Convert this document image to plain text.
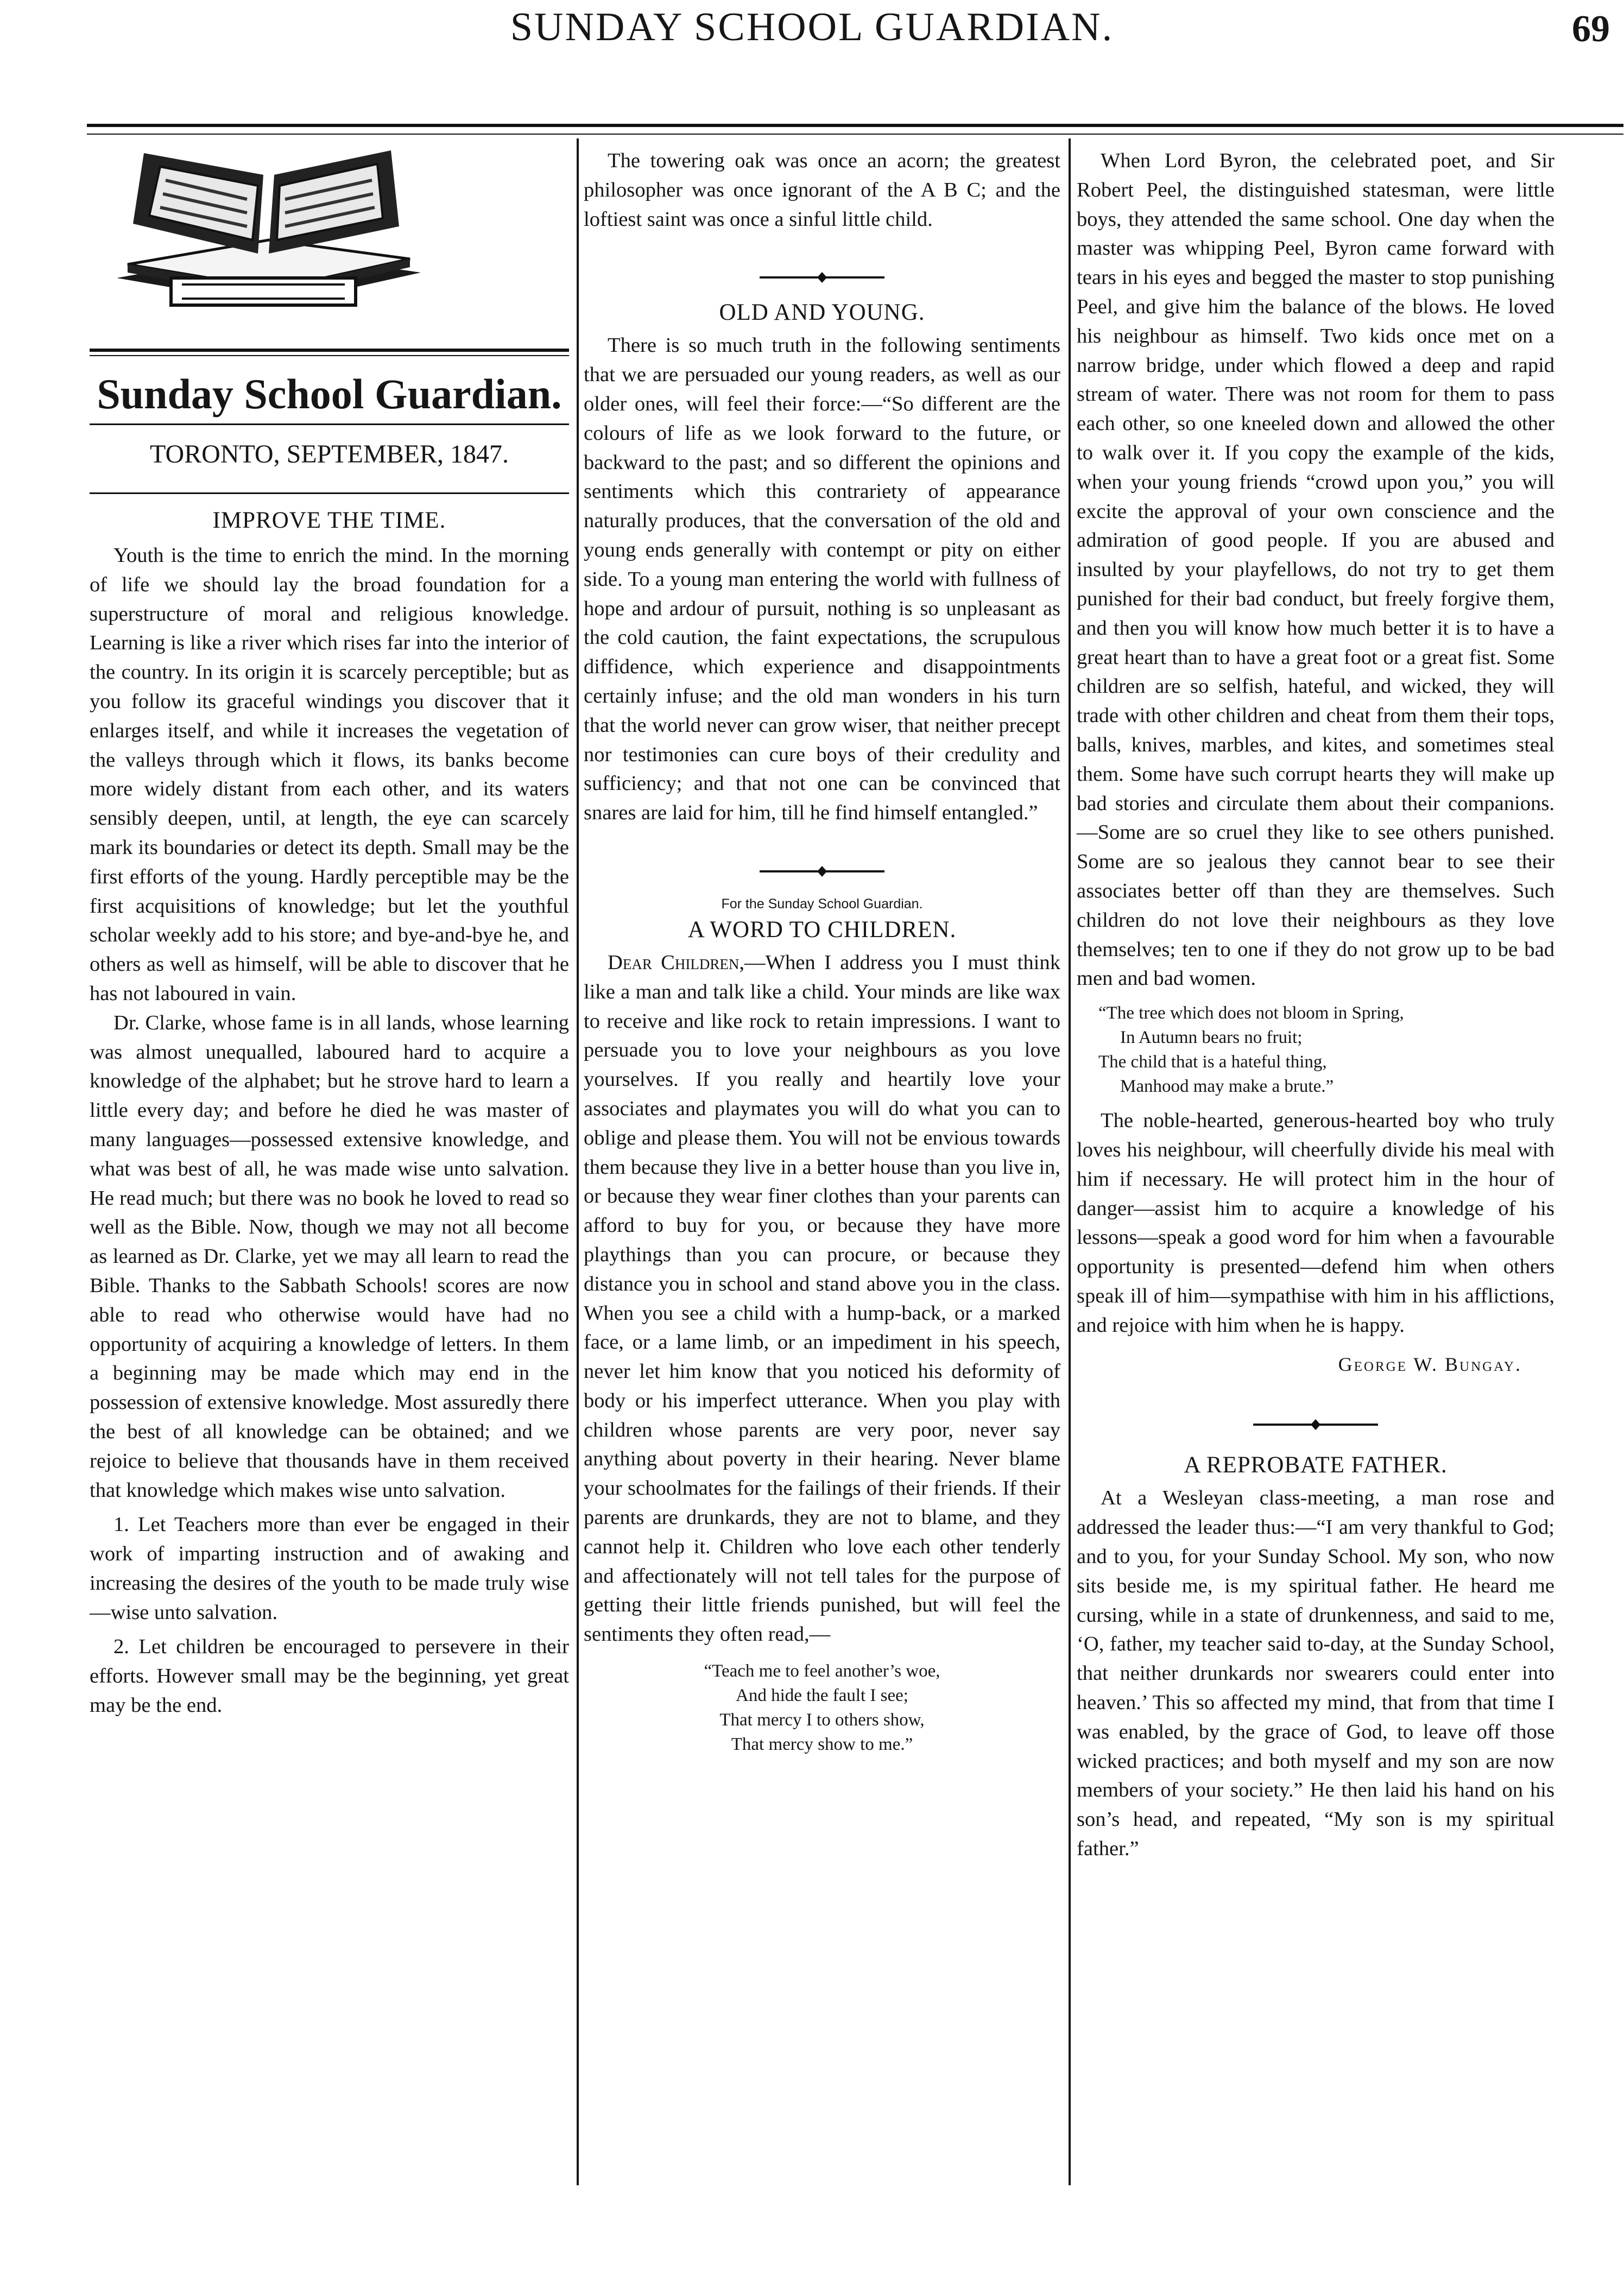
SUNDAY SCHOOL GUARDIAN.	69
Sunday School Guardian.
TORONTO, SEPTEMBER, 1847.

IMPROVE THE TIME.

Youth is the time to enrich the mind. In the morning of life we should lay the broad foundation for a superstructure of moral and religious knowledge. Learning is like a river which rises far into the interior of the country. In its origin it is scarcely perceptible; but as you follow its graceful windings you discover that it enlarges itself, and while it increases the vegetation of the valleys through which it flows, its banks become more widely distant from each other, and its waters sensibly deepen, until, at length, the eye can scarcely mark its boundaries or detect its depth. Small may be the first efforts of the young. Hardly perceptible may be the first acquisitions of knowledge; but let the youthful scholar weekly add to his store; and bye-and-bye he, and others as well as himself, will be able to discover that he has not laboured in vain.

Dr. Clarke, whose fame is in all lands, whose learning was almost unequalled, laboured hard to acquire a knowledge of the alphabet; but he strove hard to learn a little every day; and before he died he was master of many languages—possessed extensive knowledge, and what was best of all, he was made wise unto salvation. He read much; but there was no book he loved to read so well as the Bible. Now, though we may not all become as learned as Dr. Clarke, yet we may all learn to read the Bible. Thanks to the Sabbath Schools! scores are now able to read who otherwise would have had no opportunity of acquiring a knowledge of letters. In them a beginning may be made which may end in the possession of extensive knowledge. Most assuredly there the best of all knowledge can be obtained; and we rejoice to believe that thousands have in them received that knowledge which makes wise unto salvation.

1. Let Teachers more than ever be engaged in their work of imparting instruction and of awaking and increasing the desires of the youth to be made truly wise—wise unto salvation.

2. Let children be encouraged to persevere in their efforts. However small may be the beginning, yet great may be the end.

The towering oak was once an acorn; the greatest philosopher was once ignorant of the A B C; and the loftiest saint was once a sinful little child.

OLD AND YOUNG.

There is so much truth in the following sentiments that we are persuaded our young readers, as well as our older ones, will feel their force:—“So different are the colours of life as we look forward to the future, or backward to the past; and so different the opinions and sentiments which this contrariety of appearance naturally produces, that the conversation of the old and young ends generally with contempt or pity on either side. To a young man entering the world with fullness of hope and ardour of pursuit, nothing is so unpleasant as the cold caution, the faint expectations, the scrupulous diffidence, which experience and disappointments certainly infuse; and the old man wonders in his turn that the world never can grow wiser, that neither precept nor testimonies can cure boys of their credulity and sufficiency; and that not one can be convinced that snares are laid for him, till he find himself entangled.”

For the Sunday School Guardian.

A WORD TO CHILDREN.

Dear Children,—When I address you I must think like a man and talk like a child. Your minds are like wax to receive and like rock to retain impressions. I want to persuade you to love your neighbours as you love yourselves. If you really and heartily love your associates and playmates you will do what you can to oblige and please them. You will not be envious towards them because they live in a better house than you live in, or because they wear finer clothes than your parents can afford to buy for you, or because they have more playthings than you can procure, or because they distance you in school and stand above you in the class. When you see a child with a hump-back, or a marked face, or a lame limb, or an impediment in his speech, never let him know that you noticed his deformity of body or his imperfect utterance. When you play with children whose parents are very poor, never say anything about poverty in their hearing. Never blame your schoolmates for the failings of their friends. If their parents are drunkards, they are not to blame, and they cannot help it. Children who love each other tenderly and affectionately will not tell tales for the purpose of getting their little friends punished, but will feel the sentiments they often read,—

“Teach me to feel another’s woe,

And hide the fault I see;

That mercy I to others show,

That mercy show to me.”

When Lord Byron, the celebrated poet, and Sir Robert Peel, the distinguished statesman, were little boys, they attended the same school. One day when the master was whipping Peel, Byron came forward with tears in his eyes and begged the master to stop punishing Peel, and give him the balance of the blows. He loved his neighbour as himself. Two kids once met on a narrow bridge, under which flowed a deep and rapid stream of water. There was not room for them to pass each other, so one kneeled down and allowed the other to walk over it. If you copy the example of the kids, when your young friends “crowd upon you,” you will excite the approval of your own conscience and the admiration of good people. If you are abused and insulted by your playfellows, do not try to get them punished for their bad conduct, but freely forgive them, and then you will know how much better it is to have a great heart than to have a great foot or a great fist. Some children are so selfish, hateful, and wicked, they will trade with other children and cheat from them their tops, balls, knives, marbles, and kites, and sometimes steal them. Some have such corrupt hearts they will make up bad stories and circulate them about their companions.—Some are so cruel they like to see others punished. Some are so jealous they cannot bear to see their associates better off than they are themselves. Such children do not love their neighbours as they love themselves; ten to one if they do not grow up to be bad men and bad women.

“The tree which does not bloom in Spring,

In Autumn bears no fruit;

The child that is a hateful thing,

Manhood may make a brute.”

The noble-hearted, generous-hearted boy who truly loves his neighbour, will cheerfully divide his meal with him if necessary. He will protect him in the hour of danger—assist him to acquire a knowledge of his lessons—speak a good word for him when a favourable opportunity is presented—defend him when others speak ill of him—sympathise with him in his afflictions, and rejoice with him when he is happy.

George W. Bungay.

A REPROBATE FATHER.

At a Wesleyan class-meeting, a man rose and addressed the leader thus:—“I am very thankful to God; and to you, for your Sunday School. My son, who now sits beside me, is my spiritual father. He heard me cursing, while in a state of drunkenness, and said to me, ‘O, father, my teacher said to-day, at the Sunday School, that neither drunkards nor swearers could enter into heaven.’ This so affected my mind, that from that time I was enabled, by the grace of God, to leave off those wicked practices; and both myself and my son are now members of your society.” He then laid his hand on his son’s head, and repeated, “My son is my spiritual father.”
